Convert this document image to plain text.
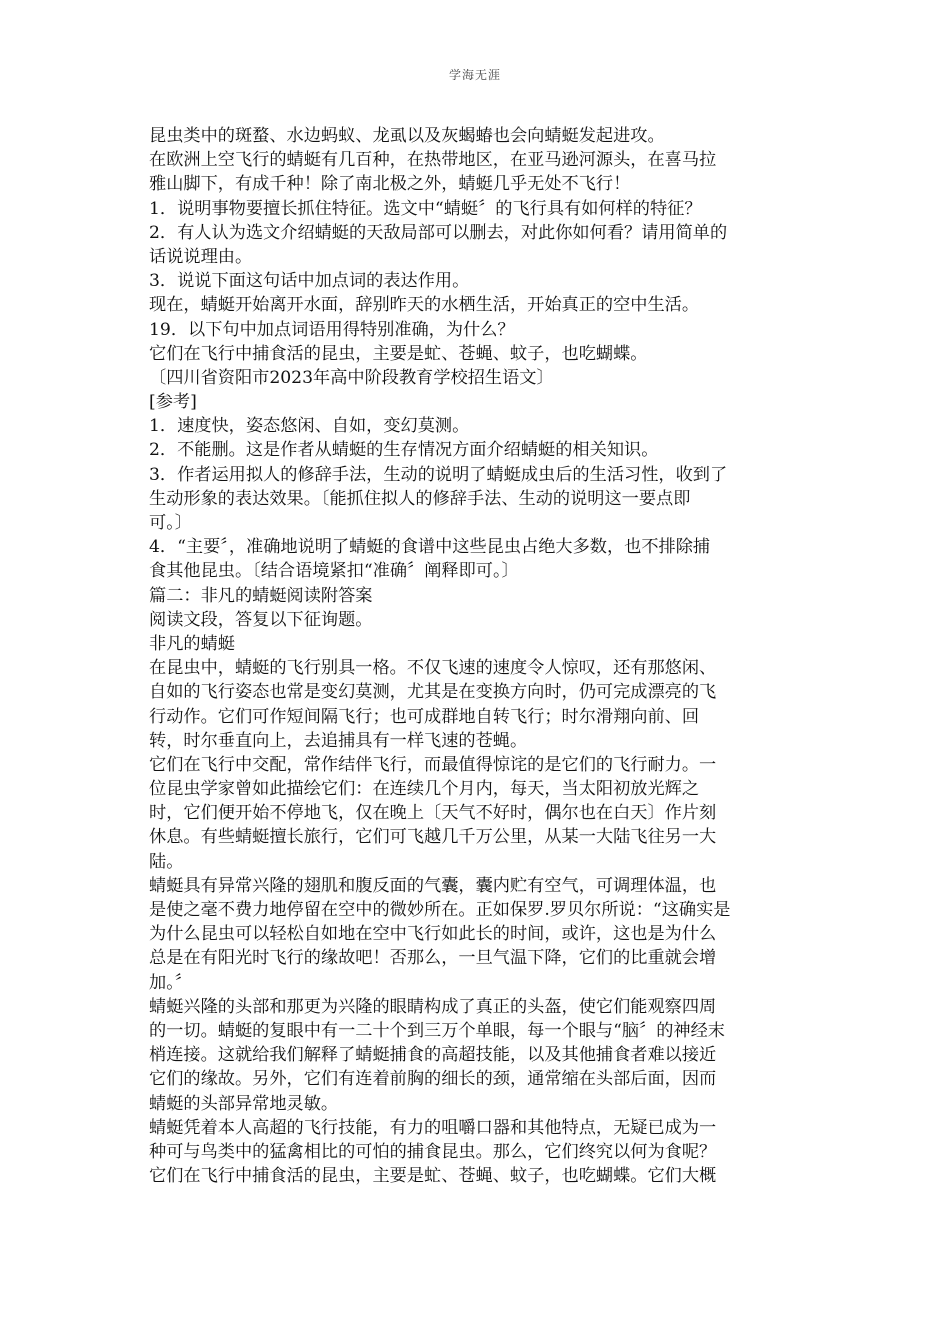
学海无涯
昆虫类中的斑蝥、水边蚂蚁、龙虱以及灰蝎蝽也会向蜻蜓发起进攻。
在欧洲上空飞行的蜻蜓有几百种，在热带地区，在亚马逊河源头，在喜马拉
雅山脚下，有成千种！除了南北极之外，蜻蜓几乎无处不飞行！
1．说明事物要擅长抓住特征。选文中“蜻蜓〞的飞行具有如何样的特征？
2．有人认为选文介绍蜻蜓的天敌局部可以删去，对此你如何看？请用简单的
话说说理由。
3．说说下面这句话中加点词的表达作用。
现在，蜻蜓开始离开水面，辞别昨天的水栖生活，开始真正的空中生活。
19．以下句中加点词语用得特别准确，为什么？
它们在飞行中捕食活的昆虫，主要是虻、苍蝇、蚊子，也吃蝴蝶。
〔四川省资阳市2023年高中阶段教育学校招生语文〕
[参考]
1．速度快，姿态悠闲、自如，变幻莫测。
2．不能删。这是作者从蜻蜓的生存情况方面介绍蜻蜓的相关知识。
3．作者运用拟人的修辞手法，生动的说明了蜻蜓成虫后的生活习性，收到了
生动形象的表达效果。〔能抓住拟人的修辞手法、生动的说明这一要点即
可。〕
4．“主要〞，准确地说明了蜻蜓的食谱中这些昆虫占绝大多数，也不排除捕
食其他昆虫。〔结合语境紧扣“准确〞阐释即可。〕
篇二：非凡的蜻蜓阅读附答案
阅读文段，答复以下征询题。
非凡的蜻蜓
在昆虫中，蜻蜓的飞行别具一格。不仅飞速的速度令人惊叹，还有那悠闲、
自如的飞行姿态也常是变幻莫测，尤其是在变换方向时，仍可完成漂亮的飞
行动作。它们可作短间隔飞行；也可成群地自转飞行；时尔滑翔向前、回
转，时尔垂直向上，去追捕具有一样飞速的苍蝇。
它们在飞行中交配，常作结伴飞行，而最值得惊诧的是它们的飞行耐力。一
位昆虫学家曾如此描绘它们：在连续几个月内，每天，当太阳初放光辉之
时，它们便开始不停地飞，仅在晚上〔天气不好时，偶尔也在白天〕作片刻
休息。有些蜻蜓擅长旅行，它们可飞越几千万公里，从某一大陆飞往另一大
陆。
蜻蜓具有异常兴隆的翅肌和腹反面的气囊，囊内贮有空气，可调理体温，也
是使之毫不费力地停留在空中的微妙所在。正如保罗.罗贝尔所说：“这确实是
为什么昆虫可以轻松自如地在空中飞行如此长的时间，或许，这也是为什么
总是在有阳光时飞行的缘故吧！否那么，一旦气温下降，它们的比重就会增
加。〞
蜻蜓兴隆的头部和那更为兴隆的眼睛构成了真正的头盔，使它们能观察四周
的一切。蜻蜓的复眼中有一二十个到三万个单眼，每一个眼与“脑〞的神经末
梢连接。这就给我们解释了蜻蜓捕食的高超技能，以及其他捕食者难以接近
它们的缘故。另外，它们有连着前胸的细长的颈，通常缩在头部后面，因而
蜻蜓的头部异常地灵敏。
蜻蜓凭着本人高超的飞行技能，有力的咀嚼口器和其他特点，无疑已成为一
种可与鸟类中的猛禽相比的可怕的捕食昆虫。那么，它们终究以何为食呢？
它们在飞行中捕食活的昆虫，主要是虻、苍蝇、蚊子，也吃蝴蝶。它们大概
